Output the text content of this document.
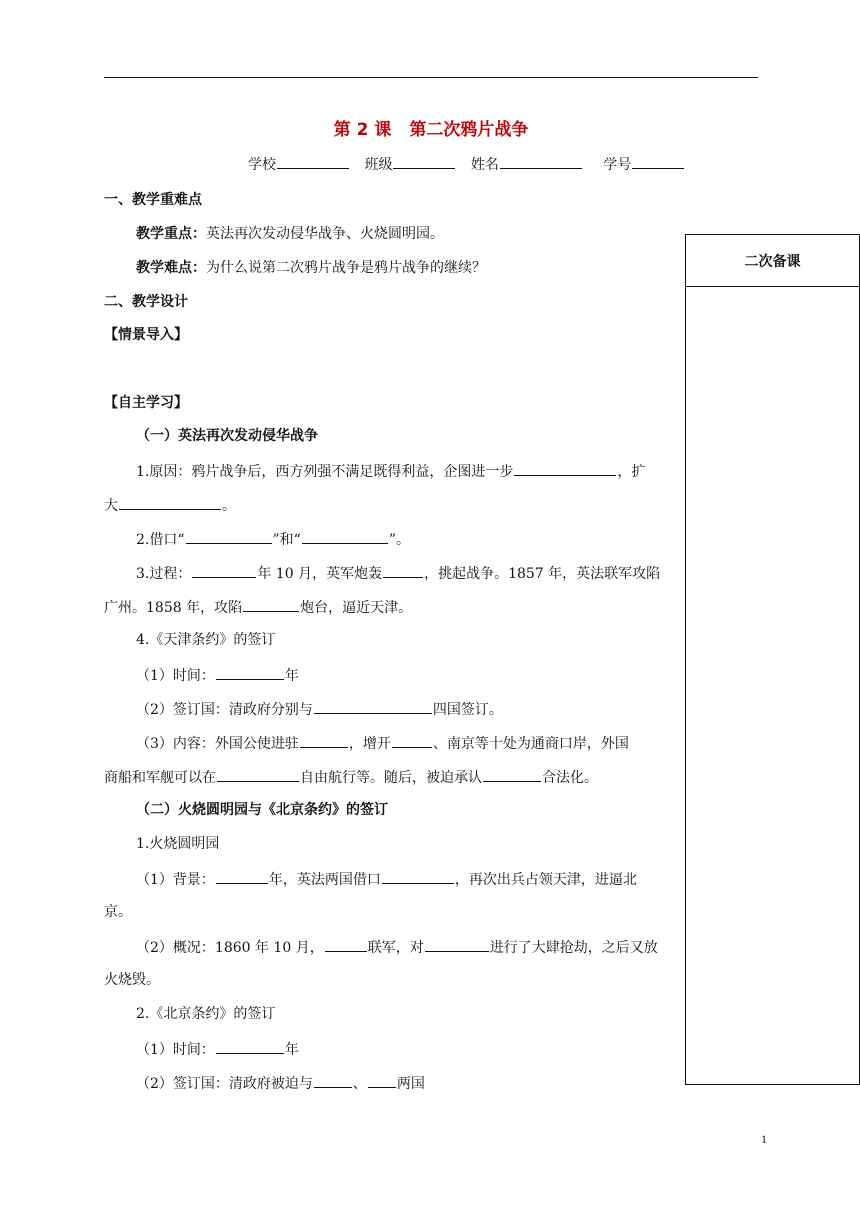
第 2 课 第二次鸦片战争
学校	班级	姓名	学号
一、教学重难点
教学重点：英法再次发动侵华战争、火烧圆明园。
教学难点：为什么说第二次鸦片战争是鸦片战争的继续？
二、教学设计
【情景导入】
【自主学习】
（一）英法再次发动侵华战争
1.原因：鸦片战争后，西方列强不满足既得利益，企图进一步	，扩
大	。
2.借口“	”和“	”。
3.过程：	年 10 月，英军炮轰	，挑起战争。1857 年，英法联军攻陷
广州。1858 年，攻陷	炮台，逼近天津。
4.《天津条约》的签订
（1）时间：	年
（2）签订国：清政府分别与	四国签订。
（3）内容：外国公使进驻	，增开	、南京等十处为通商口岸，外国
商船和军舰可以在	自由航行等。随后，被迫承认	合法化。
（二）火烧圆明园与《北京条约》的签订
1.火烧圆明园
（1）背景：	年，英法两国借口	，再次出兵占领天津，进逼北
京。
（2）概况：1860 年 10 月，	联军，对	进行了大肆抢劫，之后又放
火烧毁。
2.《北京条约》的签订
（1）时间：	年
（2）签订国：清政府被迫与	、 两国
二次备课
1
